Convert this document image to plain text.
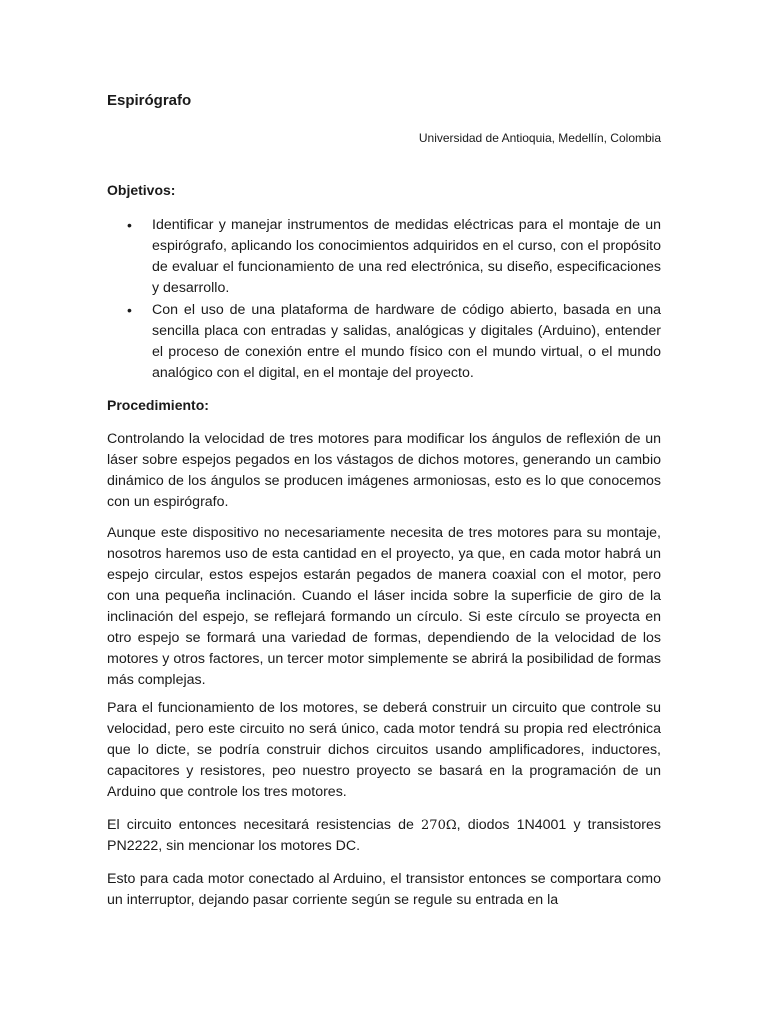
Espirógrafo

Universidad de Antioquia, Medellín, Colombia

Objetivos:
• Identificar y manejar instrumentos de medidas eléctricas para el montaje de un espirógrafo, aplicando los conocimientos adquiridos en el curso, con el propósito de evaluar el funcionamiento de una red electrónica, su diseño, especificaciones y desarrollo.
• Con el uso de una plataforma de hardware de código abierto, basada en una sencilla placa con entradas y salidas, analógicas y digitales (Arduino), entender el proceso de conexión entre el mundo físico con el mundo virtual, o el mundo analógico con el digital, en el montaje del proyecto.
Procedimiento:

Controlando la velocidad de tres motores para modificar los ángulos de reflexión de un láser sobre espejos pegados en los vástagos de dichos motores, generando un cambio dinámico de los ángulos se producen imágenes armoniosas, esto es lo que conocemos con un espirógrafo.

Aunque este dispositivo no necesariamente necesita de tres motores para su montaje, nosotros haremos uso de esta cantidad en el proyecto, ya que, en cada motor habrá un espejo circular, estos espejos estarán pegados de manera coaxial con el motor, pero con una pequeña inclinación. Cuando el láser incida sobre la superficie de giro de la inclinación del espejo, se reflejará formando un círculo. Si este círculo se proyecta en otro espejo se formará una variedad de formas, dependiendo de la velocidad de los motores y otros factores, un tercer motor simplemente se abrirá la posibilidad de formas más complejas.

Para el funcionamiento de los motores, se deberá construir un circuito que controle su velocidad, pero este circuito no será único, cada motor tendrá su propia red electrónica que lo dicte, se podría construir dichos circuitos usando amplificadores, inductores, capacitores y resistores, peo nuestro proyecto se basará en la programación de un Arduino que controle los tres motores.

El circuito entonces necesitará resistencias de 270Ω, diodos 1N4001 y transistores PN2222, sin mencionar los motores DC.

Esto para cada motor conectado al Arduino, el transistor entonces se comportara como un interruptor, dejando pasar corriente según se regule su entrada en la
